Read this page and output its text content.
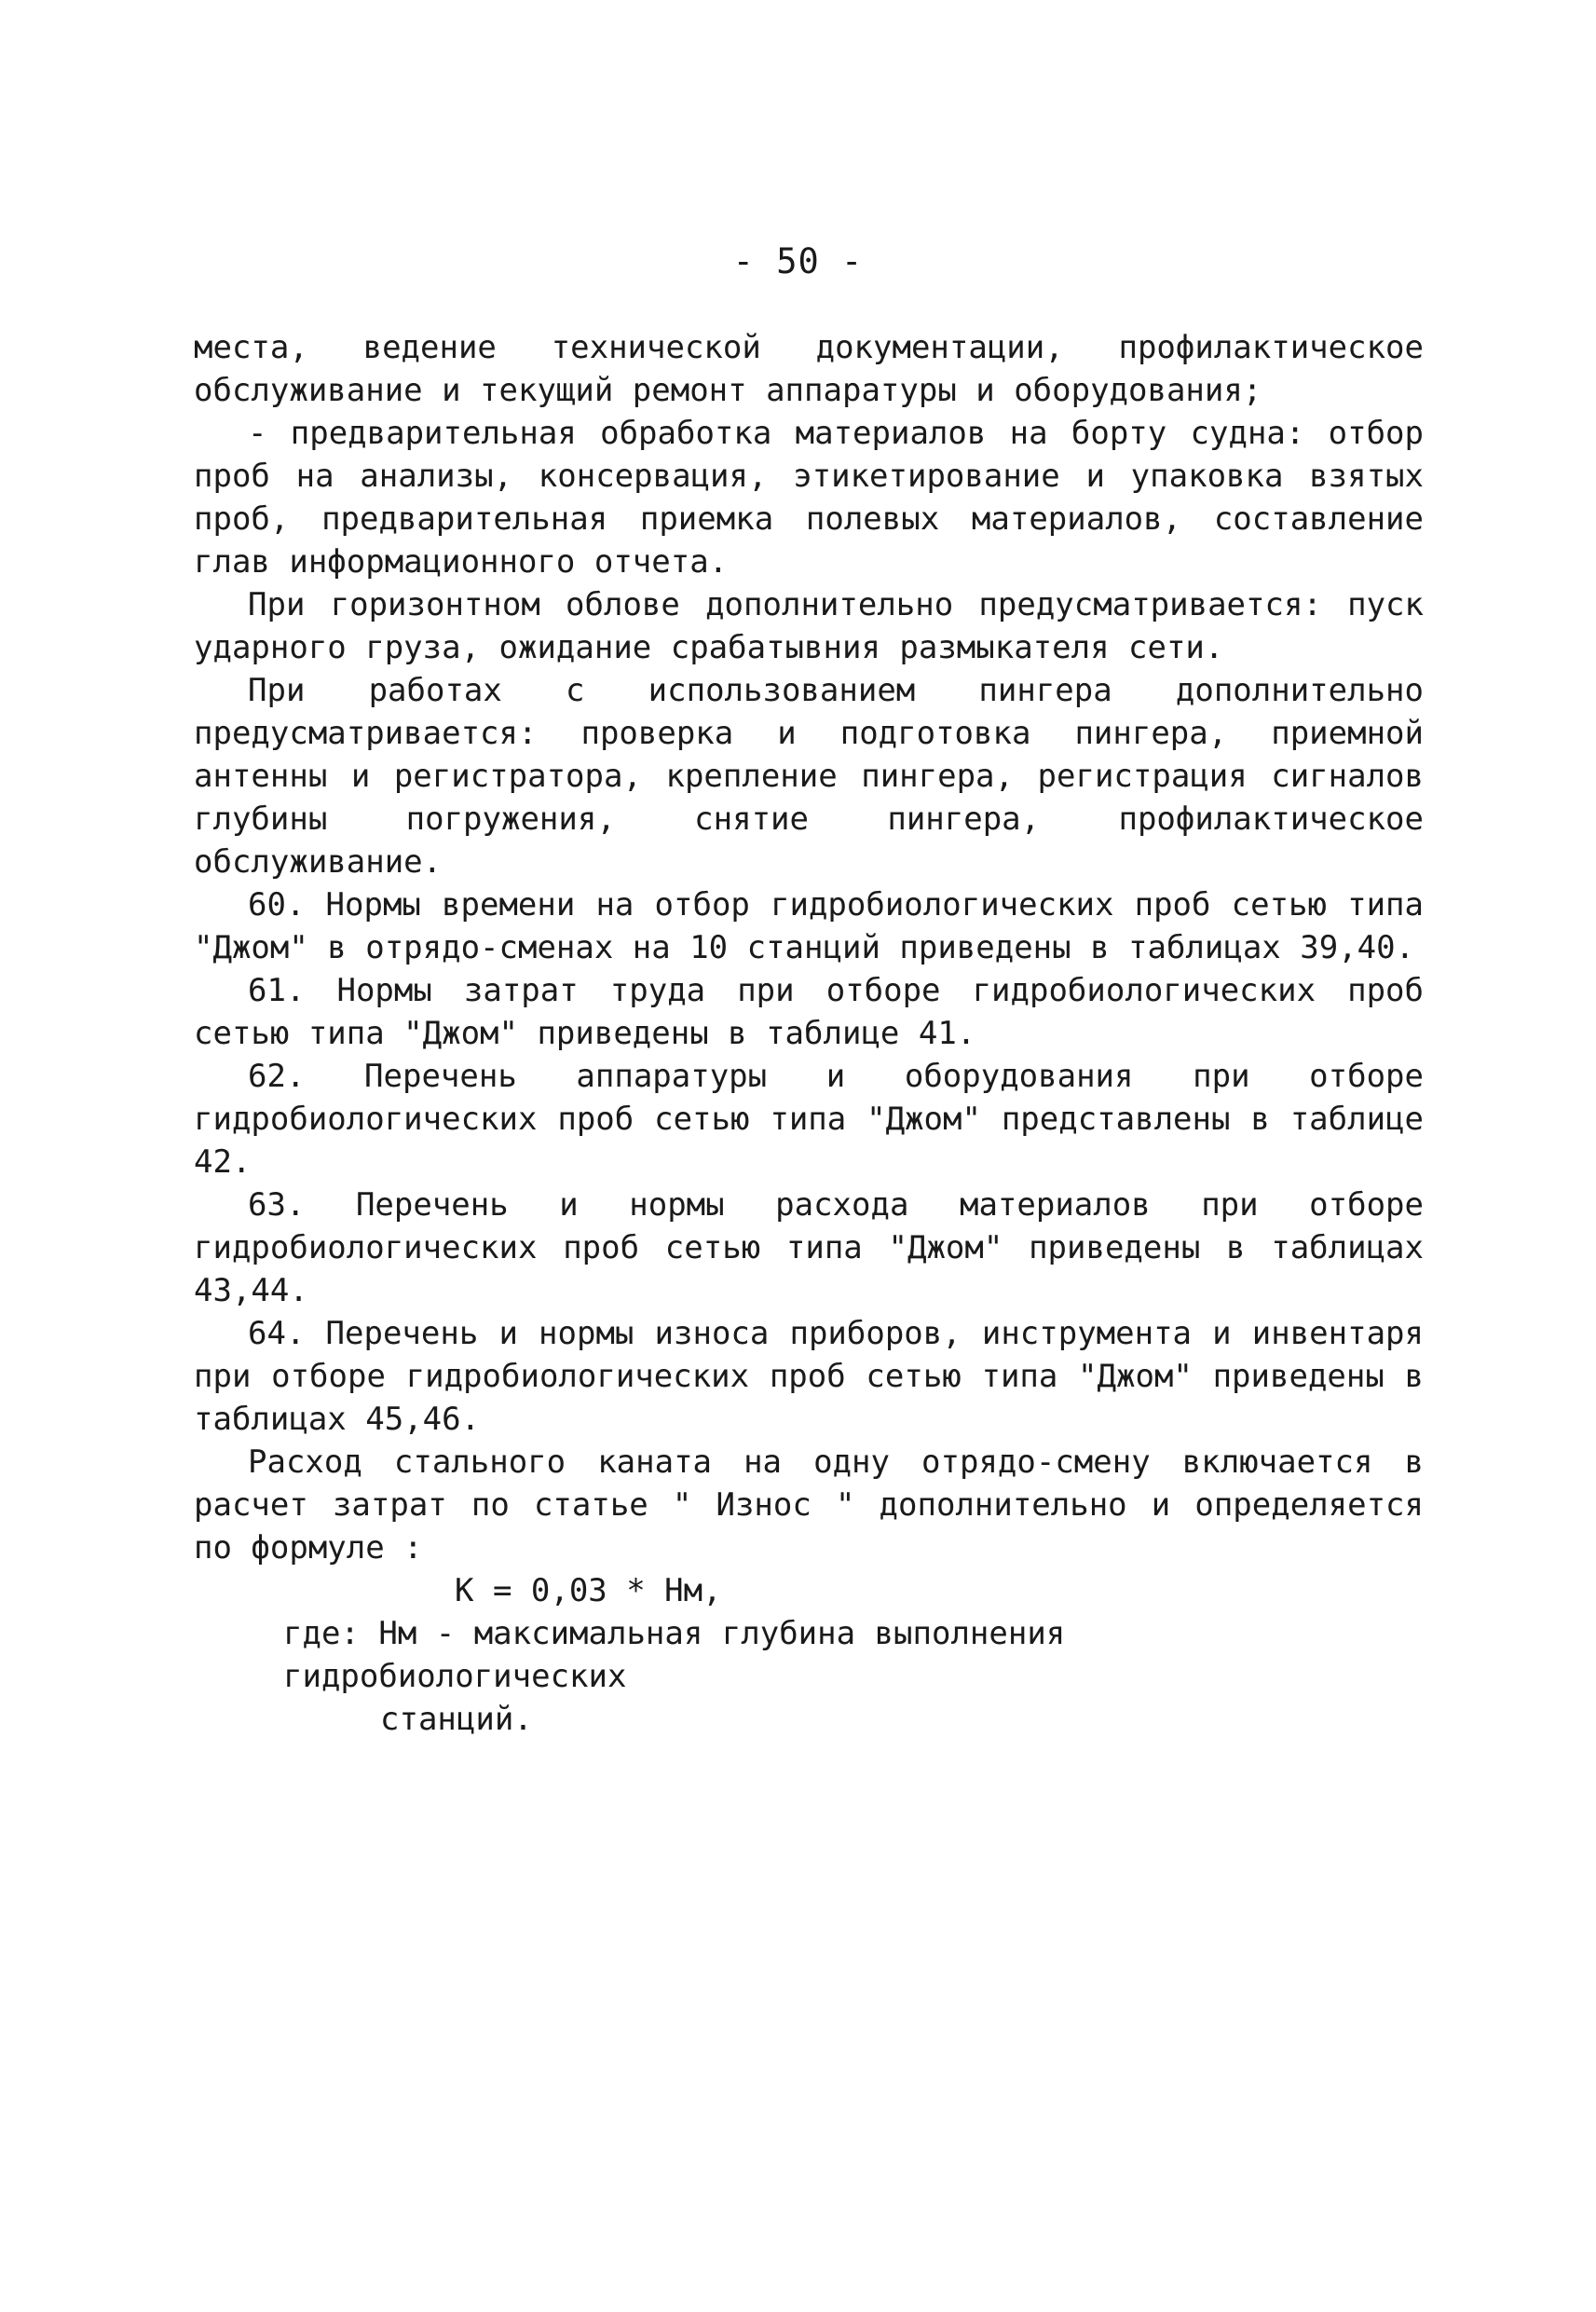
- 50 -

места, ведение технической документации, профилактическое обслуживание и текущий ремонт аппаратуры и оборудования;

- предварительная обработка материалов на борту судна: отбор проб на анализы, консервация, этикетирование и упаковка взятых проб, предварительная приемка полевых материалов, составление глав информационного отчета.

При горизонтном облове дополнительно предусматривается: пуск ударного груза, ожидание срабатывния размыкателя сети.

При работах с использованием пингера дополнительно предусматривается: проверка и подготовка пингера, приемной антенны и регистратора, крепление пингера, регистрация сигналов глубины погружения, снятие пингера, профилактическое обслуживание.

60. Нормы времени на отбор гидробиологических проб сетью типа "Джом" в отрядо-сменах на 10 станций приведены в таблицах 39,40.

61. Нормы затрат труда при отборе гидробиологических проб сетью типа "Джом" приведены в таблице 41.

62. Перечень аппаратуры и оборудования при отборе гидробиологических проб сетью типа "Джом" представлены в таблице 42.

63. Перечень и нормы расхода материалов при отборе гидробиологических проб сетью типа "Джом" приведены в таблицах 43,44.

64. Перечень и нормы износа приборов, инструмента и инвентаря при отборе гидробиологических проб сетью типа "Джом" приведены в таблицах 45,46.

Расход стального каната на одну отрядо-смену включается в расчет затрат по статье " Износ " дополнительно и определяется по формуле :

К = 0,03 * Нм,

где: Нм - максимальная глубина выполнения гидробиологических

станций.
